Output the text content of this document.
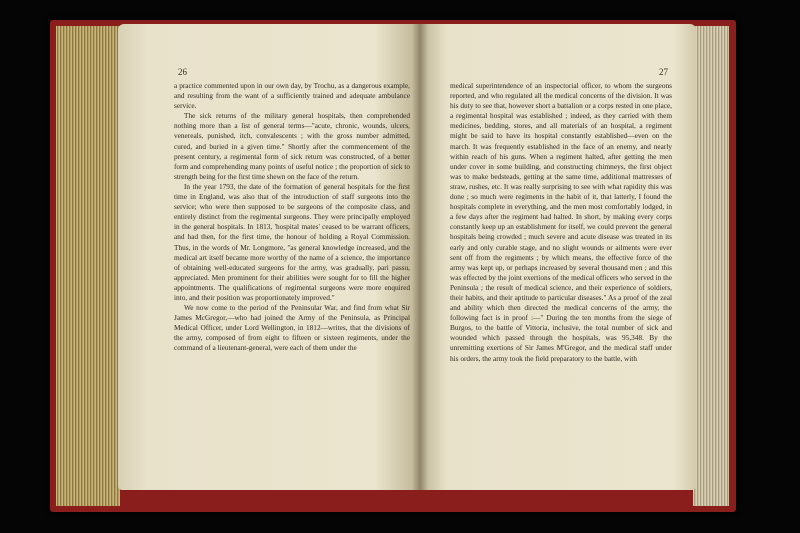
26

a practice commented upon in our own day, by Trochu, as a dangerous example, and resulting from the want of a sufficiently trained and adequate ambulance service.

The sick returns of the military general hospitals, then comprehended nothing more than a list of general terms—"acute, chronic, wounds, ulcers, venereals, punished, itch, convalescents ; with the gross number admitted, cured, and buried in a given time." Shortly after the commencement of the present century, a regimental form of sick return was constructed, of a better form and comprehending many points of useful notice ; the proportion of sick to strength being for the first time shewn on the face of the return.

In the year 1793, the date of the formation of general hospitals for the first time in England, was also that of the introduction of staff surgeons into the service; who were then supposed to be surgeons of the composite class, and entirely distinct from the regimental surgeons. They were principally employed in the general hospitals. In 1813, 'hospital mates' ceased to be warrant officers, and had then, for the first time, the honour of holding a Royal Commission. Thus, in the words of Mr. Longmore, "as general knowledge increased, and the medical art itself became more worthy of the name of a science, the importance of obtaining well-educated surgeons for the army, was gradually, pari passu, appreciated. Men prominent for their abilities were sought for to fill the higher appointments. The qualifications of regimental surgeons were more enquired into, and their position was proportionately improved."

We now come to the period of the Peninsular War, and find from what Sir James McGregor,—who had joined the Army of the Peninsula, as Principal Medical Officer, under Lord Wellington, in 1812—writes, that the divisions of the army, composed of from eight to fifteen or sixteen regiments, under the command of a lieutenant-general, were each of them under the

27

medical superintendence of an inspectorial officer, to whom the surgeons reported, and who regulated all the medical concerns of the division. It was his duty to see that, however short a battalion or a corps rested in one place, a regimental hospital was established ; indeed, as they carried with them medicines, bedding, stores, and all materials of an hospital, a regiment might be said to have its hospital constantly established—even on the march. It was frequently established in the face of an enemy, and nearly within reach of his guns. When a regiment halted, after getting the men under cover in some building, and constructing chimneys, the first object was to make bedsteads, getting at the same time, additional mattresses of straw, rushes, etc. It was really surprising to see with what rapidity this was done ; so much were regiments in the habit of it, that latterly, I found the hospitals complete in everything, and the men most comfortably lodged, in a few days after the regiment had halted. In short, by making every corps constantly keep up an establishment for itself, we could prevent the general hospitals being crowded ; much severe and acute disease was treated in its early and only curable stage, and no slight wounds or ailments were ever sent off from the regiments ; by which means, the effective force of the army was kept up, or perhaps increased by several thousand men ; and this was effected by the joint exertions of the medical officers who served in the Peninsula ; the result of medical science, and their experience of soldiers, their habits, and their aptitude to particular diseases." As a proof of the zeal and ability which then directed the medical concerns of the army, the following fact is in proof :—" During the ten months from the siege of Burgos, to the battle of Vittoria, inclusive, the total number of sick and wounded which passed through the hospitals, was 95,348. By the unremitting exertions of Sir James M'Gregor, and the medical staff under his orders, the army took the field preparatory to the battle, with
